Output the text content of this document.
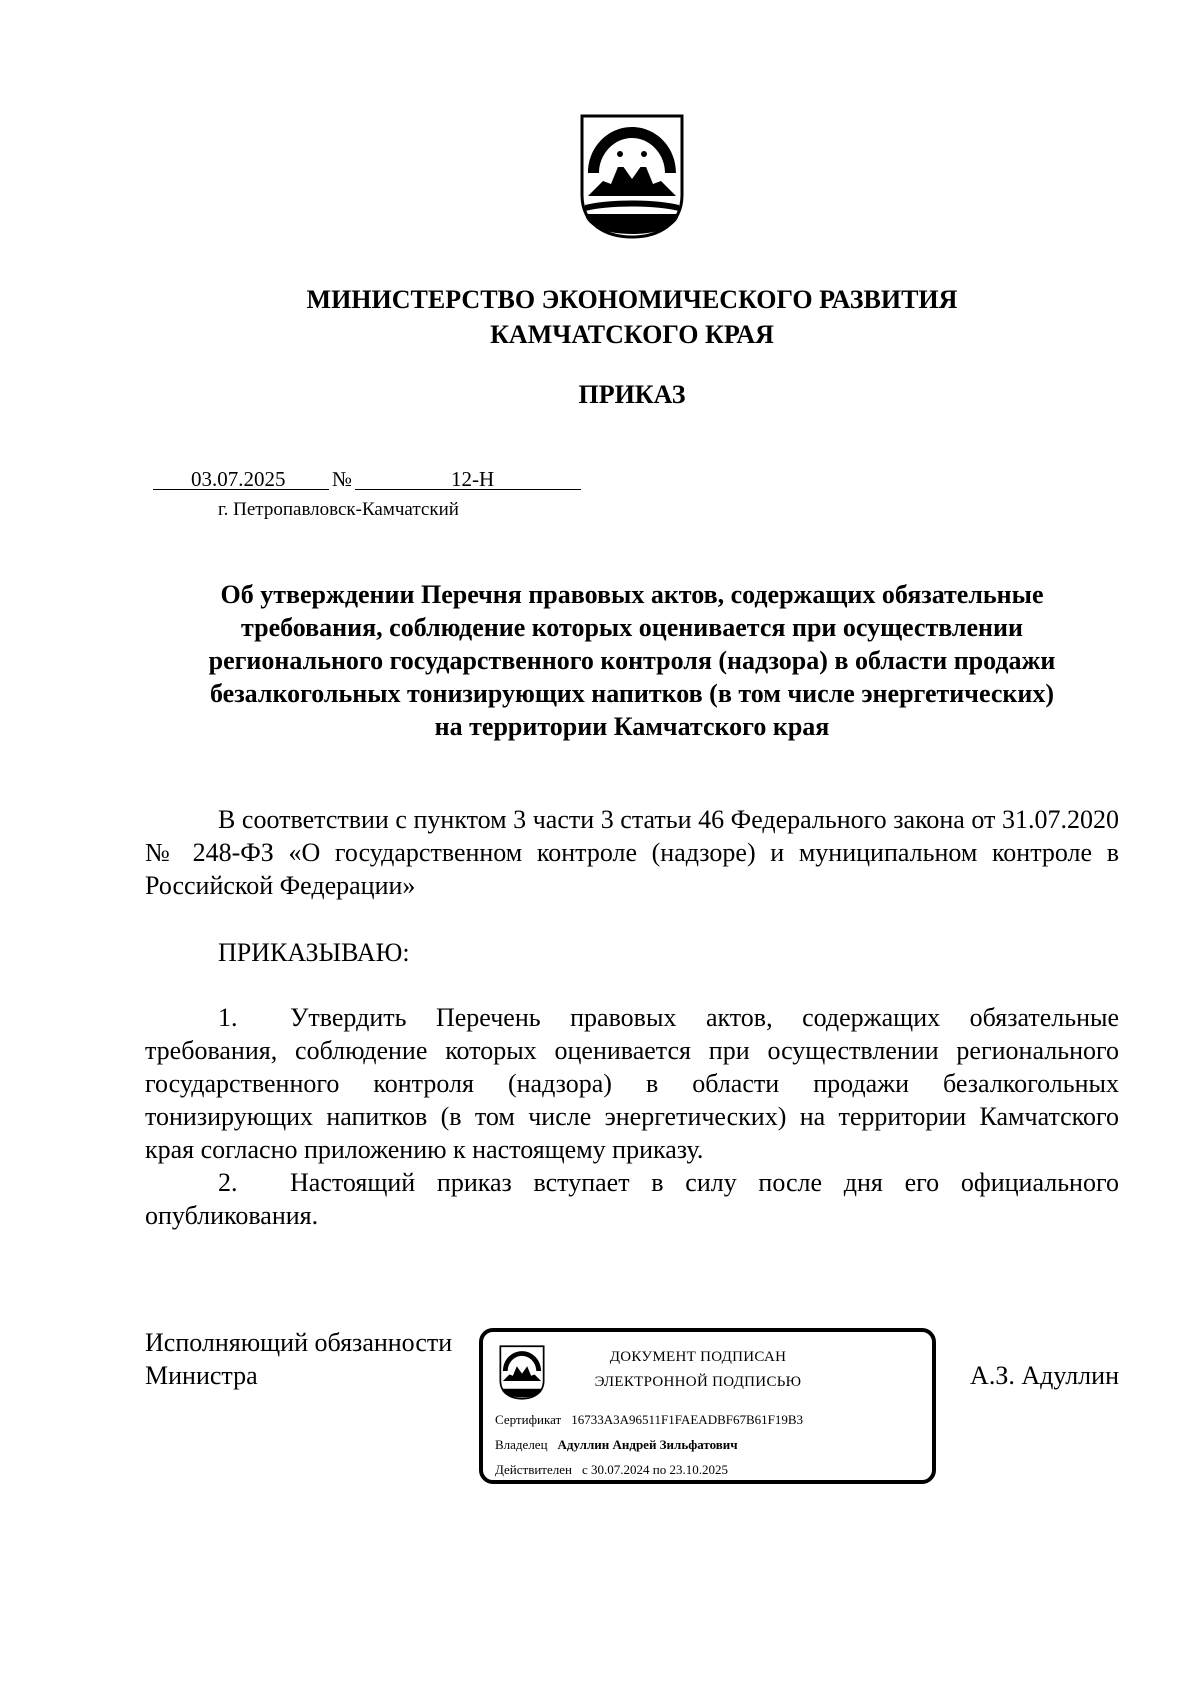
МИНИСТЕРСТВО ЭКОНОМИЧЕСКОГО РАЗВИТИЯ
КАМЧАТСКОГО КРАЯ
ПРИКАЗ
03.07.2025 №	12-Н
г. Петропавловск-Камчатский
Об утверждении Перечня правовых актов, содержащих обязательные
требования, соблюдение которых оценивается при осуществлении
регионального государственного контроля (надзора) в области продажи
безалкогольных тонизирующих напитков (в том числе энергетических)
на территории Камчатского края
В соответствии с пунктом 3 части 3 статьи 46 Федерального закона от 31.07.2020 № 248-ФЗ «О государственном контроле (надзоре) и муниципальном контроле в Российской Федерации»
ПРИКАЗЫВАЮ:
1. Утвердить Перечень правовых актов, содержащих обязательные требования, соблюдение которых оценивается при осуществлении регионального государственного контроля (надзора) в области продажи безалкогольных тонизирующих напитков (в том числе энергетических) на территории Камчатского края согласно приложению к настоящему приказу.
2. Настоящий приказ вступает в силу после дня его официального опубликования.
Исполняющий обязанности
Министра
ДОКУМЕНТ ПОДПИСАН
ЭЛЕКТРОННОЙ ПОДПИСЬЮ
Сертификат 16733A3A96511F1FAEADBF67B61F19B3
Владелец Адуллин Андрей Зильфатович
Действителен с 30.07.2024 по 23.10.2025
А.З. Адуллин
